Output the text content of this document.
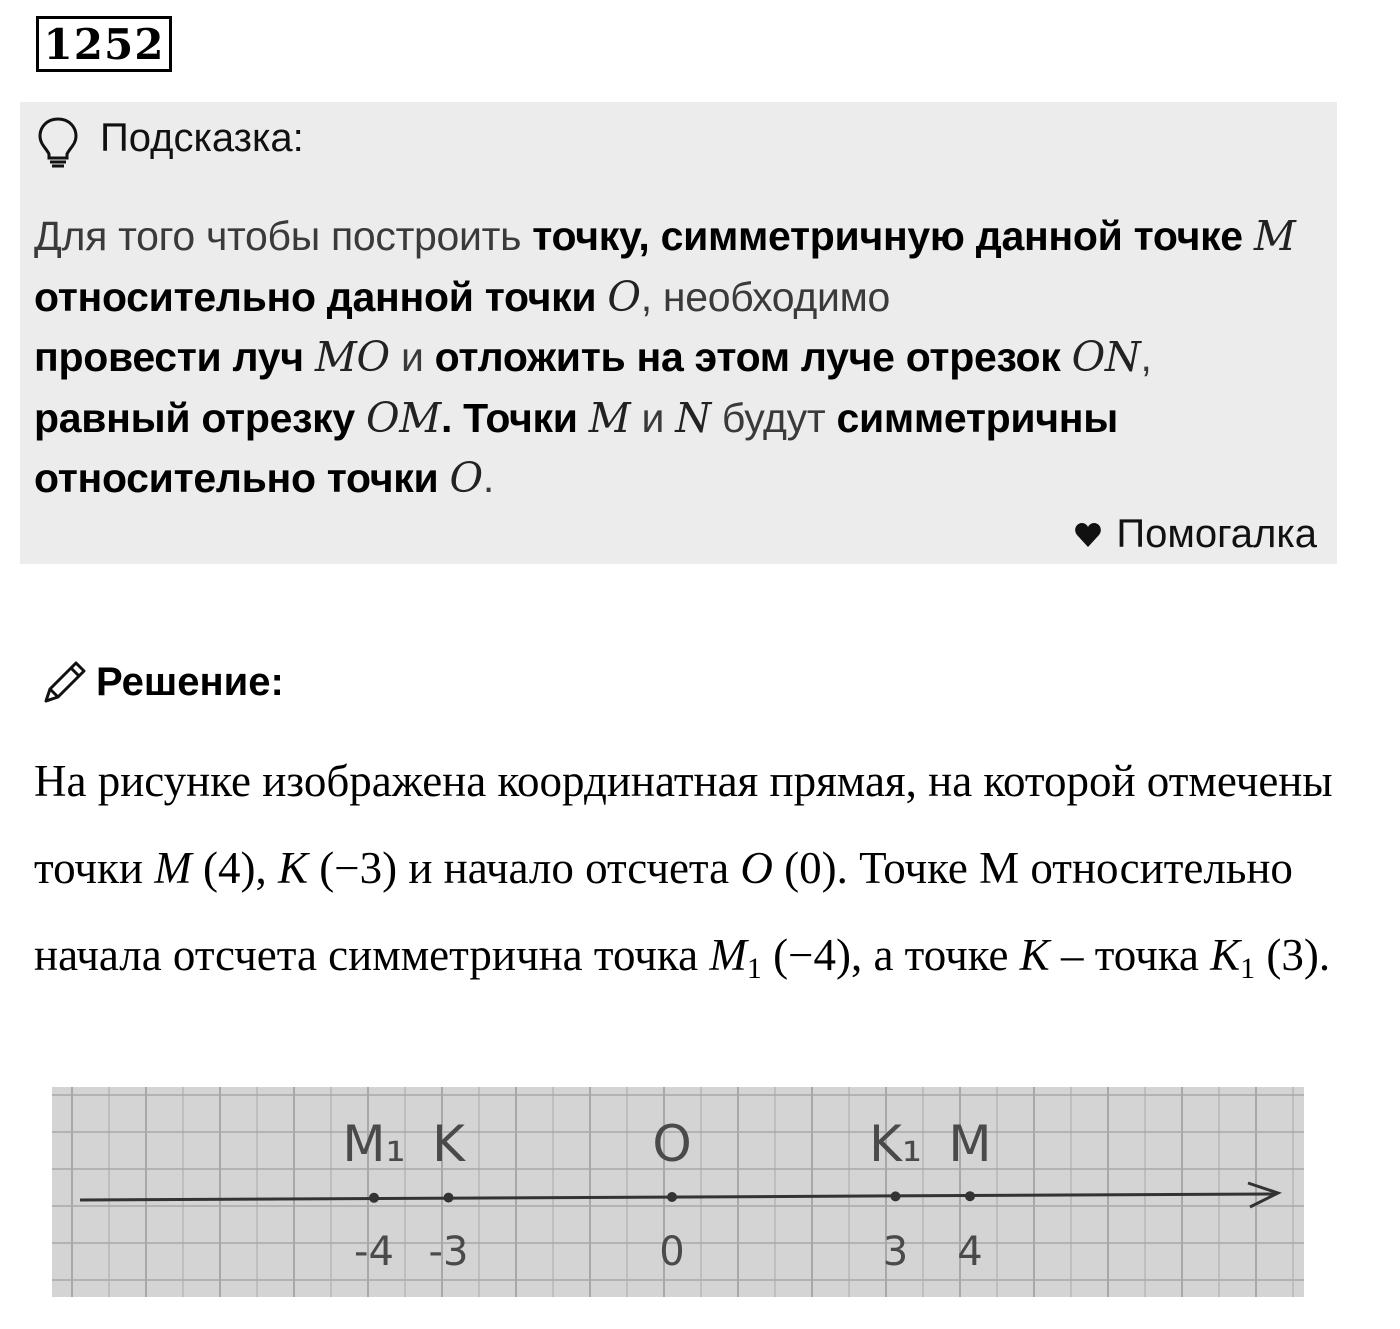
1252
Подсказка:
Для того чтобы построить точку, симметричную данной точке M относительно данной точки O, необходимо
провести луч MO и отложить на этом луче отрезок ON,
равный отрезку OM. Точки M и N будут симметричны относительно точки O.
Помогалка
Решение:
На рисунке изображена координатная прямая, на которой отмечены точки M (4), K (−3) и начало отсчета O (0). Точке М относительно начала отсчета симметрична точка $M_1$ (−4), а точке K – точка $K_1$ (3).
M₁
-4
K
-3
O
0
K₁
3
M
4
